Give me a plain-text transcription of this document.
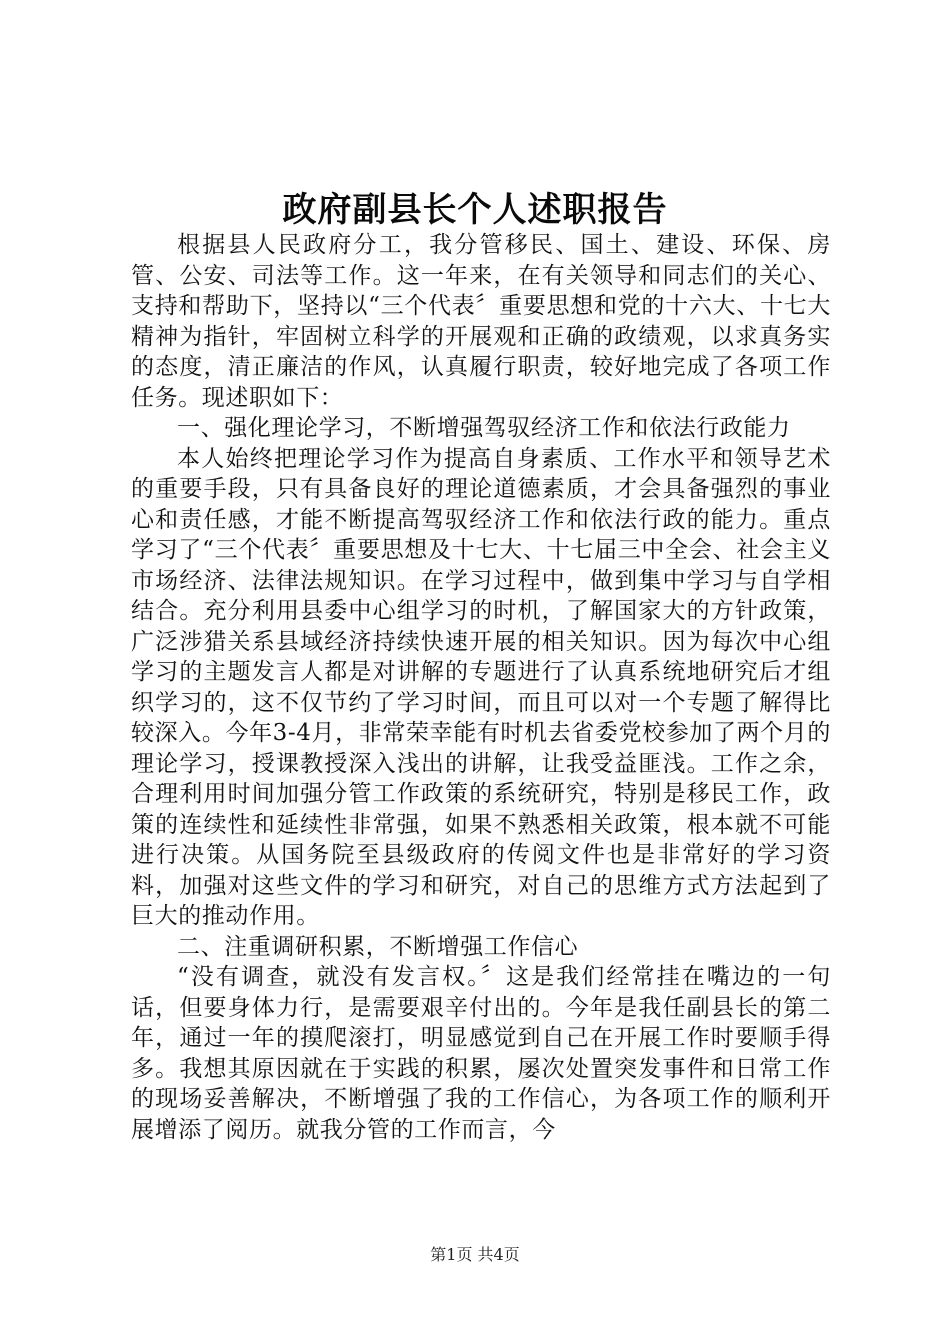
政府副县长个人述职报告

根据县人民政府分工，我分管移民、国土、建设、环保、房管、公安、司法等工作。这一年来，在有关领导和同志们的关心、支持和帮助下，坚持以“三个代表〞重要思想和党的十六大、十七大精神为指针，牢固树立科学的开展观和正确的政绩观，以求真务实的态度，清正廉洁的作风，认真履行职责，较好地完成了各项工作任务。现述职如下：

一、强化理论学习，不断增强驾驭经济工作和依法行政能力

本人始终把理论学习作为提高自身素质、工作水平和领导艺术的重要手段，只有具备良好的理论道德素质，才会具备强烈的事业心和责任感，才能不断提高驾驭经济工作和依法行政的能力。重点学习了“三个代表〞重要思想及十七大、十七届三中全会、社会主义市场经济、法律法规知识。在学习过程中，做到集中学习与自学相结合。充分利用县委中心组学习的时机，了解国家大的方针政策，广泛涉猎关系县域经济持续快速开展的相关知识。因为每次中心组学习的主题发言人都是对讲解的专题进行了认真系统地研究后才组织学习的，这不仅节约了学习时间，而且可以对一个专题了解得比较深入。今年3-4月，非常荣幸能有时机去省委党校参加了两个月的理论学习，授课教授深入浅出的讲解，让我受益匪浅。工作之余，合理利用时间加强分管工作政策的系统研究，特别是移民工作，政策的连续性和延续性非常强，如果不熟悉相关政策，根本就不可能进行决策。从国务院至县级政府的传阅文件也是非常好的学习资料，加强对这些文件的学习和研究，对自己的思维方式方法起到了巨大的推动作用。

二、注重调研积累，不断增强工作信心

“没有调查，就没有发言权。〞这是我们经常挂在嘴边的一句话，但要身体力行，是需要艰辛付出的。今年是我任副县长的第二年，通过一年的摸爬滚打，明显感觉到自己在开展工作时要顺手得多。我想其原因就在于实践的积累，屡次处置突发事件和日常工作的现场妥善解决，不断增强了我的工作信心，为各项工作的顺利开展增添了阅历。就我分管的工作而言，今

第1页 共4页
